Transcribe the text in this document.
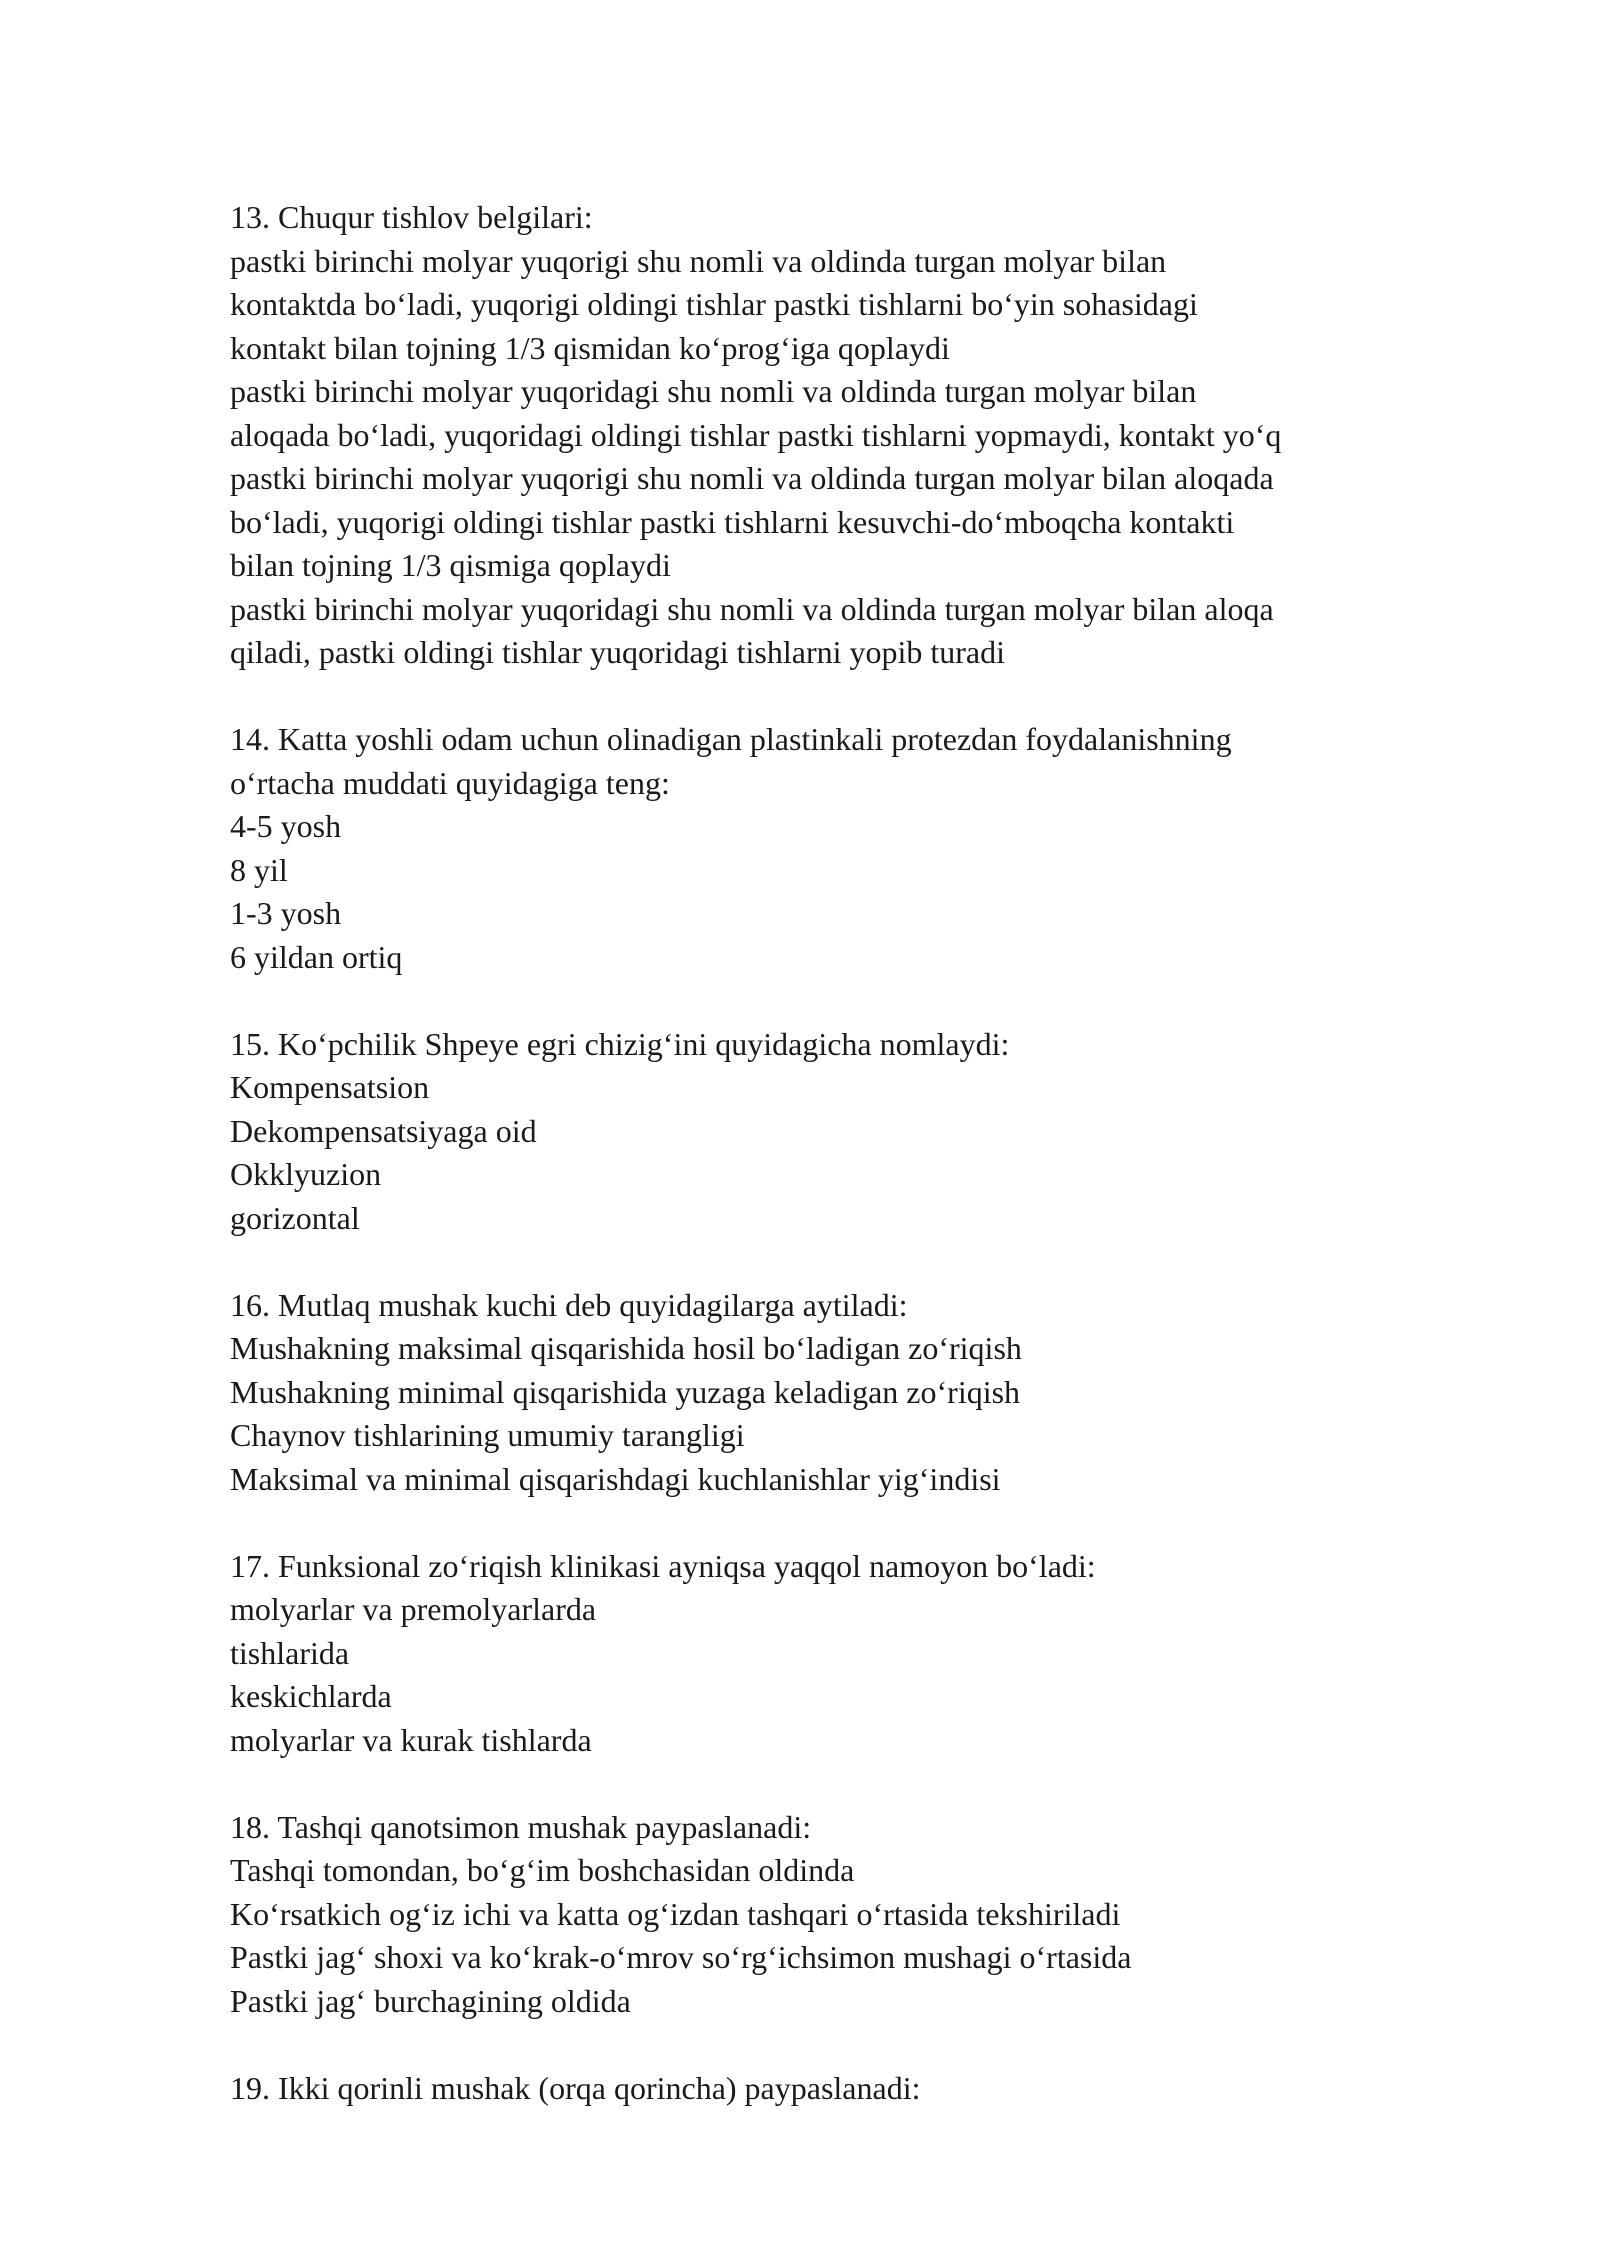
13. Chuqur tishlov belgilari:
pastki birinchi molyar yuqorigi shu nomli va oldinda turgan molyar bilan
kontaktda bo‘ladi, yuqorigi oldingi tishlar pastki tishlarni bo‘yin sohasidagi
kontakt bilan tojning 1/3 qismidan ko‘prog‘iga qoplaydi
pastki birinchi molyar yuqoridagi shu nomli va oldinda turgan molyar bilan
aloqada bo‘ladi, yuqoridagi oldingi tishlar pastki tishlarni yopmaydi, kontakt yo‘q
pastki birinchi molyar yuqorigi shu nomli va oldinda turgan molyar bilan aloqada
bo‘ladi, yuqorigi oldingi tishlar pastki tishlarni kesuvchi-do‘mboqcha kontakti
bilan tojning 1/3 qismiga qoplaydi
pastki birinchi molyar yuqoridagi shu nomli va oldinda turgan molyar bilan aloqa
qiladi, pastki oldingi tishlar yuqoridagi tishlarni yopib turadi
14. Katta yoshli odam uchun olinadigan plastinkali protezdan foydalanishning
o‘rtacha muddati quyidagiga teng:
4-5 yosh
8 yil
1-3 yosh
6 yildan ortiq
15. Ko‘pchilik Shpeye egri chizig‘ini quyidagicha nomlaydi:
Kompensatsion
Dekompensatsiyaga oid
Okklyuzion
gorizontal
16. Mutlaq mushak kuchi deb quyidagilarga aytiladi:
Mushakning maksimal qisqarishida hosil bo‘ladigan zo‘riqish
Mushakning minimal qisqarishida yuzaga keladigan zo‘riqish
Chaynov tishlarining umumiy tarangligi
Maksimal va minimal qisqarishdagi kuchlanishlar yig‘indisi
17. Funksional zo‘riqish klinikasi ayniqsa yaqqol namoyon bo‘ladi:
molyarlar va premolyarlarda
tishlarida
keskichlarda
molyarlar va kurak tishlarda
18. Tashqi qanotsimon mushak paypaslanadi:
Tashqi tomondan, bo‘g‘im boshchasidan oldinda
Ko‘rsatkich og‘iz ichi va katta og‘izdan tashqari o‘rtasida tekshiriladi
Pastki jag‘ shoxi va ko‘krak-o‘mrov so‘rg‘ichsimon mushagi o‘rtasida
Pastki jag‘ burchagining oldida
19. Ikki qorinli mushak (orqa qorincha) paypaslanadi:
